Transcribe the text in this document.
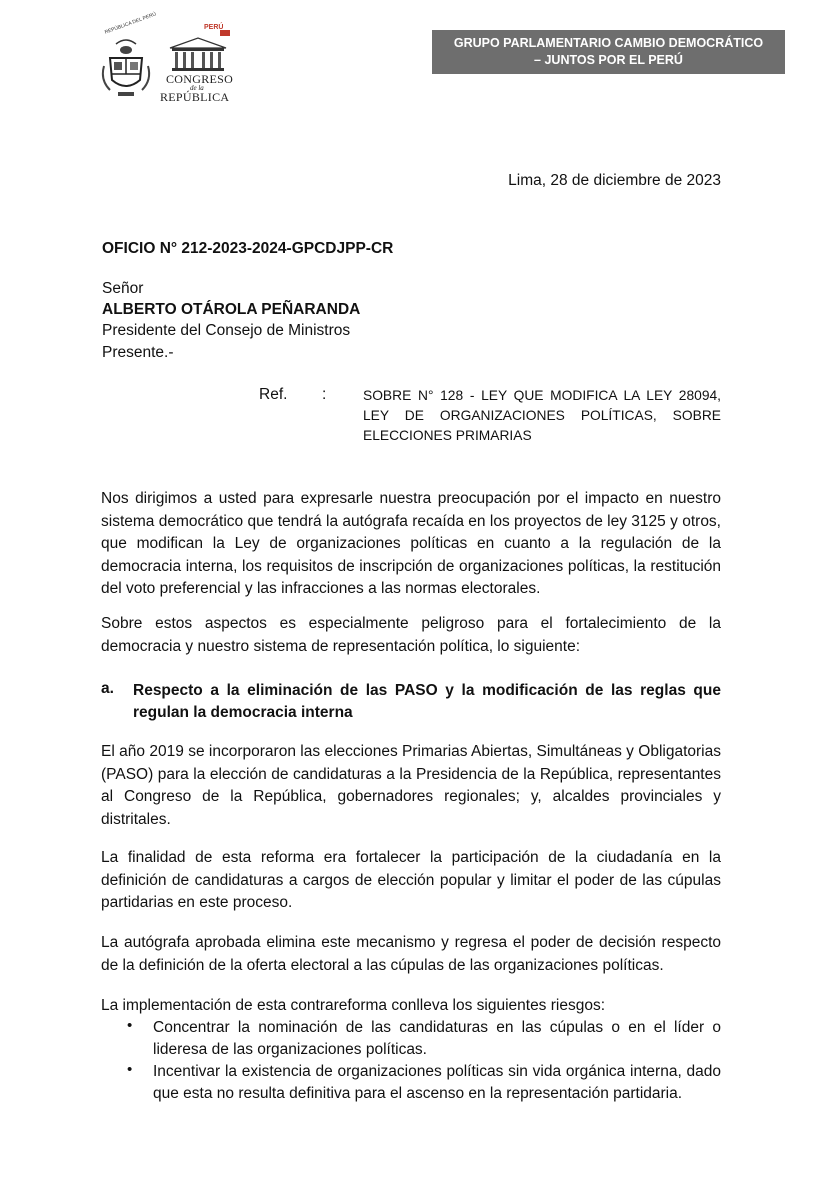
REPÚBLICA DEL PERÚ	PERÚ
CONGRESO
de la
REPÚBLICA
GRUPO PARLAMENTARIO CAMBIO DEMOCRÁTICO
– JUNTOS POR EL PERÚ
Lima, 28 de diciembre de 2023
OFICIO N° 212-2023-2024-GPCDJPP-CR
Señor
ALBERTO OTÁROLA PEÑARANDA
Presidente del Consejo de Ministros
Presente.-
Ref. :	SOBRE N° 128 - LEY QUE MODIFICA LA LEY 28094, LEY DE ORGANIZACIONES POLÍTICAS, SOBRE ELECCIONES PRIMARIAS
Nos dirigimos a usted para expresarle nuestra preocupación por el impacto en nuestro sistema democrático que tendrá la autógrafa recaída en los proyectos de ley 3125 y otros, que modifican la Ley de organizaciones políticas en cuanto a la regulación de la democracia interna, los requisitos de inscripción de organizaciones políticas, la restitución del voto preferencial y las infracciones a las normas electorales.
Sobre estos aspectos es especialmente peligroso para el fortalecimiento de la democracia y nuestro sistema de representación política, lo siguiente:
a. Respecto a la eliminación de las PASO y la modificación de las reglas que regulan la democracia interna
El año 2019 se incorporaron las elecciones Primarias Abiertas, Simultáneas y Obligatorias (PASO) para la elección de candidaturas a la Presidencia de la República, representantes al Congreso de la República, gobernadores regionales; y, alcaldes provinciales y distritales.
La finalidad de esta reforma era fortalecer la participación de la ciudadanía en la definición de candidaturas a cargos de elección popular y limitar el poder de las cúpulas partidarias en este proceso.
La autógrafa aprobada elimina este mecanismo y regresa el poder de decisión respecto de la definición de la oferta electoral a las cúpulas de las organizaciones políticas.
La implementación de esta contrareforma conlleva los siguientes riesgos:
• Concentrar la nominación de las candidaturas en las cúpulas o en el líder o lideresa de las organizaciones políticas.
• Incentivar la existencia de organizaciones políticas sin vida orgánica interna, dado que esta no resulta definitiva para el ascenso en la representación partidaria.
